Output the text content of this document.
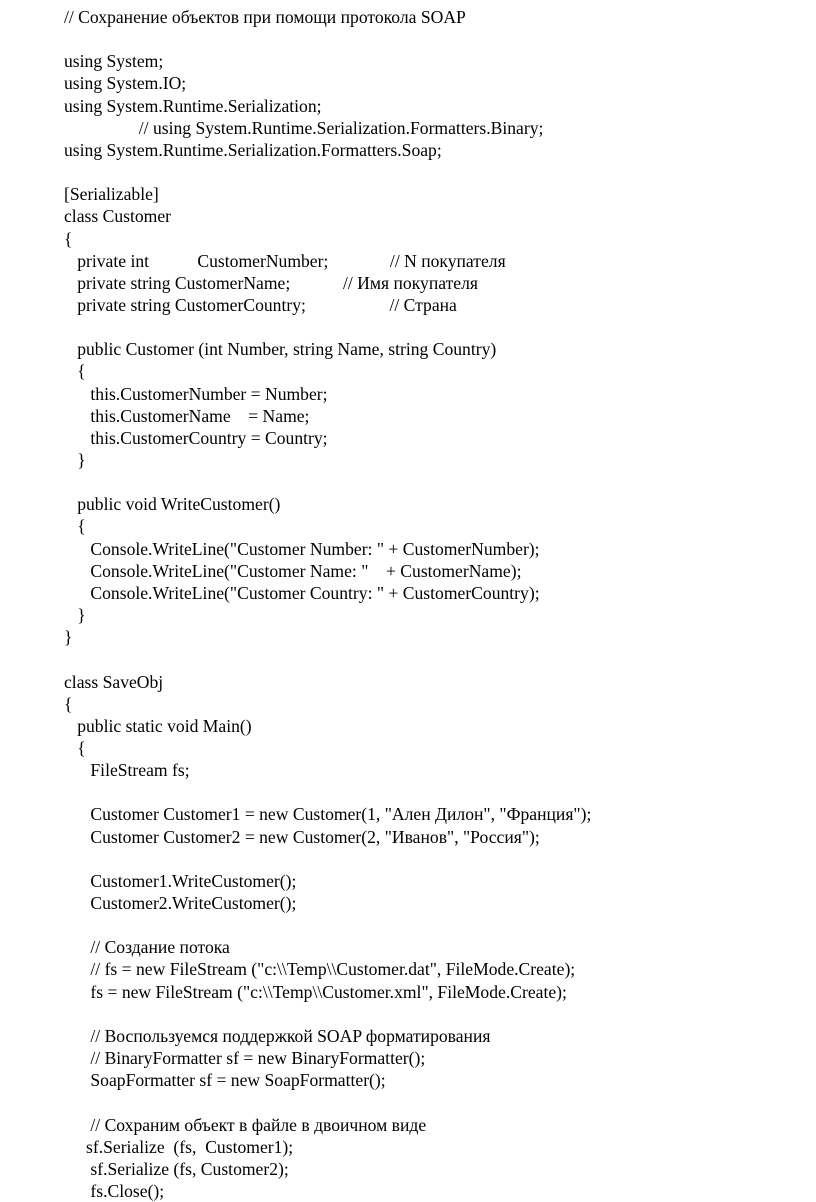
// Сохранение объектов при помощи протокола SOAP
using System;
using System.IO;
using System.Runtime.Serialization;
// using System.Runtime.Serialization.Formatters.Binary;
using System.Runtime.Serialization.Formatters.Soap;
[Serializable]
class Customer
{
private int           CustomerNumber;              // N покупателя
private string CustomerName;            // Имя покупателя
private string CustomerCountry;                   // Страна
public Customer (int Number, string Name, string Country)
{
this.CustomerNumber = Number;
this.CustomerName    = Name;
this.CustomerCountry = Country;
}
public void WriteCustomer()
{
Console.WriteLine("Customer Number: " + CustomerNumber);
Console.WriteLine("Customer Name: "    + CustomerName);
Console.WriteLine("Customer Country: " + CustomerCountry);
}
}
class SaveObj
{
public static void Main()
{
FileStream fs;
Customer Customer1 = new Customer(1, "Ален Дилон", "Франция");
Customer Customer2 = new Customer(2, "Иванов", "Россия");
Customer1.WriteCustomer();
Customer2.WriteCustomer();
// Создание потока
// fs = new FileStream ("c:\\Temp\\Customer.dat", FileMode.Create);
fs = new FileStream ("c:\\Temp\\Customer.xml", FileMode.Create);
// Воспользуемся поддержкой SOAP форматирования
// BinaryFormatter sf = new BinaryFormatter();
SoapFormatter sf = new SoapFormatter();
// Сохраним объект в файле в двоичном виде
sf.Serialize  (fs,  Customer1);
sf.Serialize (fs, Customer2);
fs.Close();
